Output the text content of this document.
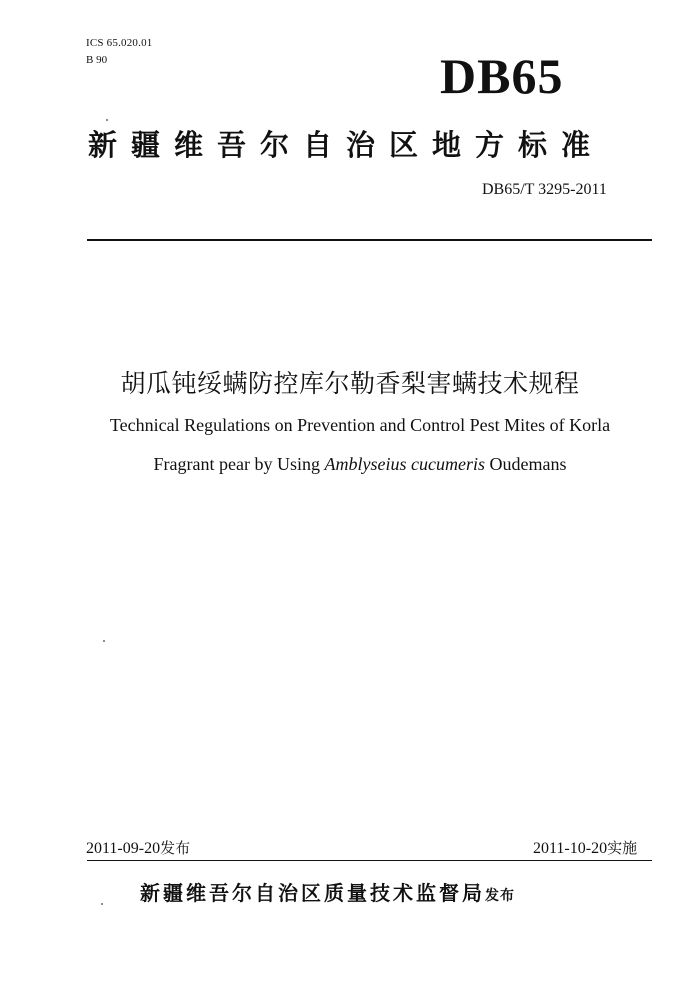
ICS 65.020.01
B 90	DB65
新疆维吾尔自治区地方标准
DB65/T 3295-2011
胡瓜钝绥螨防控库尔勒香梨害螨技术规程
Technical Regulations on Prevention and Control Pest Mites of Korla
Fragrant pear by Using Amblyseius cucumeris Oudemans
2011-09-20发布	2011-10-20实施
新疆维吾尔自治区质量技术监督局发布
